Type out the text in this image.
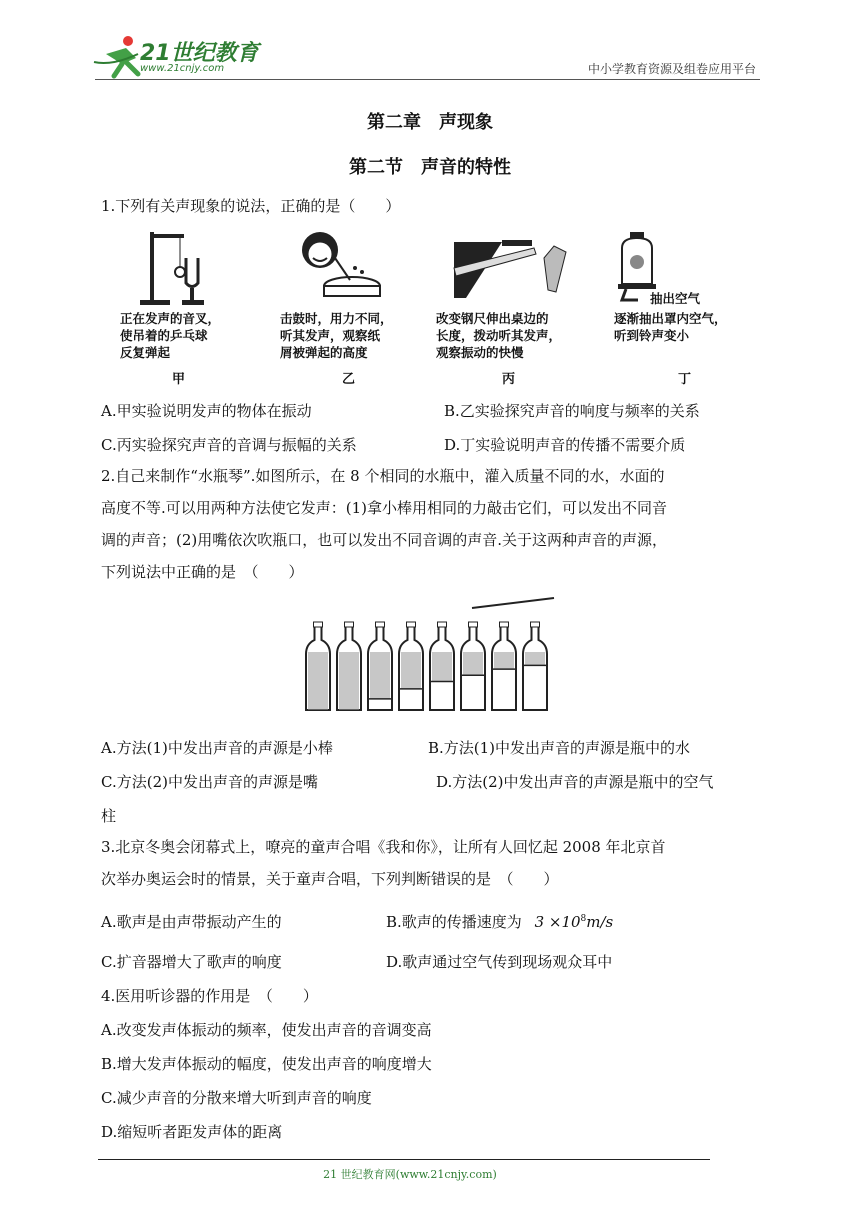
21世纪教育
www.21cnjy.com	中小学教育资源及组卷应用平台
第二章　声现象
第二节　声音的特性
1.下列有关声现象的说法，正确的是（　　）
正在发声的音叉，
使吊着的乒乓球
反复弹起
甲
击鼓时，用力不同，
听其发声，观察纸
屑被弹起的高度
乙
改变钢尺伸出桌边的
长度，拨动听其发声，
观察振动的快慢
丙
抽出空气
逐渐抽出罩内空气，
听到铃声变小
丁
A.甲实验说明发声的物体在振动	B.乙实验探究声音的响度与频率的关系
C.丙实验探究声音的音调与振幅的关系	D.丁实验说明声音的传播不需要介质
2.自己来制作“水瓶琴”.如图所示，在 8 个相同的水瓶中，灌入质量不同的水，水面的
高度不等.可以用两种方法使它发声：(1)拿小棒用相同的力敲击它们，可以发出不同音
调的声音；(2)用嘴依次吹瓶口，也可以发出不同音调的声音.关于这两种声音的声源，
下列说法中正确的是　（　　）
A.方法(1)中发出声音的声源是小棒	B.方法(1)中发出声音的声源是瓶中的水
C.方法(2)中发出声音的声源是嘴	D.方法(2)中发出声音的声源是瓶中的空气
柱
3.北京冬奥会闭幕式上，嘹亮的童声合唱《我和你》，让所有人回忆起 2008 年北京首
次举办奥运会时的情景，关于童声合唱，下列判断错误的是　（　　）
A.歌声是由声带振动产生的	B.歌声的传播速度为 $3 \times 10^8m/s$
C.扩音器增大了歌声的响度	D.歌声通过空气传到现场观众耳中
4.医用听诊器的作用是　（　　）
A.改变发声体振动的频率，使发出声音的音调变高
B.增大发声体振动的幅度，使发出声音的响度增大
C.减少声音的分散来增大听到声音的响度
D.缩短听者距发声体的距离
21 世纪教育网(www.21cnjy.com)
